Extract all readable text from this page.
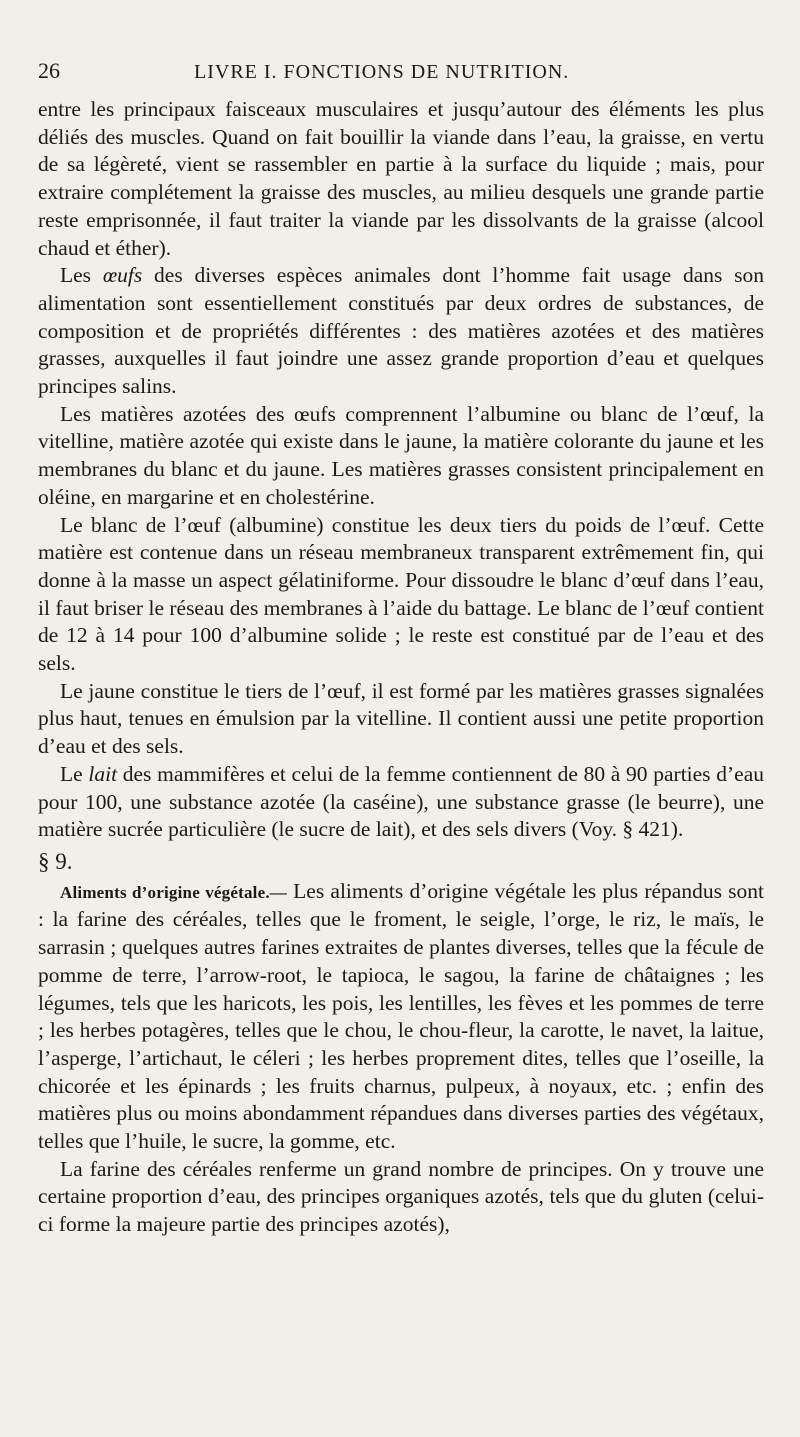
26	LIVRE I. FONCTIONS DE NUTRITION.

entre les principaux faisceaux musculaires et jusqu’autour des éléments les plus déliés des muscles. Quand on fait bouillir la viande dans l’eau, la graisse, en vertu de sa légèreté, vient se rassembler en partie à la surface du liquide ; mais, pour extraire complétement la graisse des muscles, au milieu desquels une grande partie reste emprisonnée, il faut traiter la viande par les dissolvants de la graisse (alcool chaud et éther).

Les œufs des diverses espèces animales dont l’homme fait usage dans son alimentation sont essentiellement constitués par deux ordres de substances, de composition et de propriétés différentes : des matières azotées et des matières grasses, auxquelles il faut joindre une assez grande proportion d’eau et quelques principes salins.

Les matières azotées des œufs comprennent l’albumine ou blanc de l’œuf, la vitelline, matière azotée qui existe dans le jaune, la matière colorante du jaune et les membranes du blanc et du jaune. Les matières grasses consistent principalement en oléine, en margarine et en cholestérine.

Le blanc de l’œuf (albumine) constitue les deux tiers du poids de l’œuf. Cette matière est contenue dans un réseau membraneux transparent extrêmement fin, qui donne à la masse un aspect gélatiniforme. Pour dissoudre le blanc d’œuf dans l’eau, il faut briser le réseau des membranes à l’aide du battage. Le blanc de l’œuf contient de 12 à 14 pour 100 d’albumine solide ; le reste est constitué par de l’eau et des sels.

Le jaune constitue le tiers de l’œuf, il est formé par les matières grasses signalées plus haut, tenues en émulsion par la vitelline. Il contient aussi une petite proportion d’eau et des sels.

Le lait des mammifères et celui de la femme contiennent de 80 à 90 parties d’eau pour 100, une substance azotée (la caséine), une substance grasse (le beurre), une matière sucrée particulière (le sucre de lait), et des sels divers (Voy. § 421).

§ 9.

Aliments d’origine végétale.— Les aliments d’origine végétale les plus répandus sont : la farine des céréales, telles que le froment, le seigle, l’orge, le riz, le maïs, le sarrasin ; quelques autres farines extraites de plantes diverses, telles que la fécule de pomme de terre, l’arrow-root, le tapioca, le sagou, la farine de châtaignes ; les légumes, tels que les haricots, les pois, les lentilles, les fèves et les pommes de terre ; les herbes potagères, telles que le chou, le chou-fleur, la carotte, le navet, la laitue, l’asperge, l’artichaut, le céleri ; les herbes proprement dites, telles que l’oseille, la chicorée et les épinards ; les fruits charnus, pulpeux, à noyaux, etc. ; enfin des matières plus ou moins abondamment répandues dans diverses parties des végétaux, telles que l’huile, le sucre, la gomme, etc.

La farine des céréales renferme un grand nombre de principes. On y trouve une certaine proportion d’eau, des principes organiques azotés, tels que du gluten (celui-ci forme la majeure partie des principes azotés),
